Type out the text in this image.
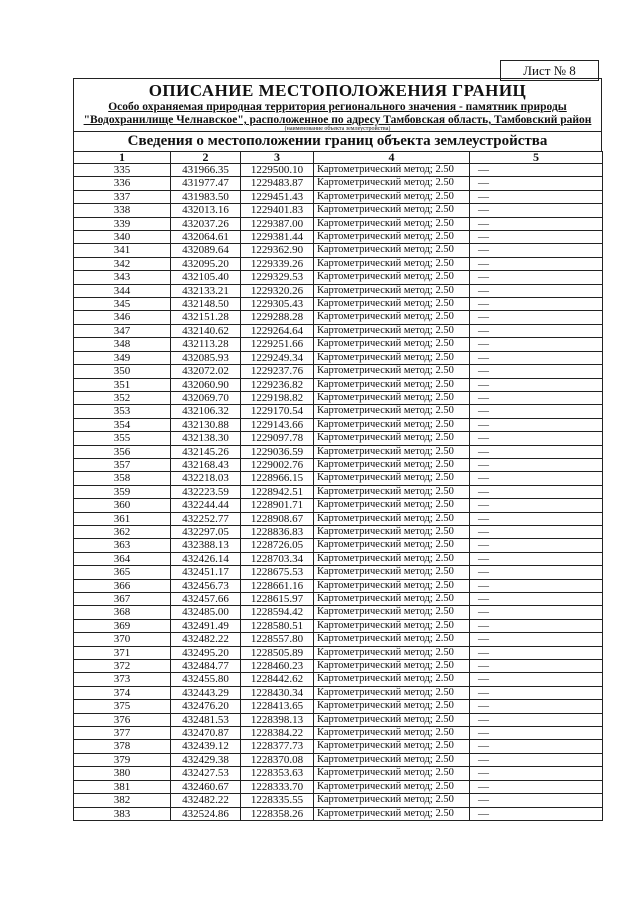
Лист № 8
ОПИСАНИЕ МЕСТОПОЛОЖЕНИЯ ГРАНИЦ
Особо охраняемая природная территория регионального значения - памятник природы
"Водохранилище Челнавское", расположенное по адресу Тамбовская область, Тамбовский район
(наименование объекта землеустройства)
Сведения о местоположении границ объекта землеустройства
1	2	3	4	5
335	431966.35	1229500.10	Картометрический метод; 2.50	—
336	431977.47	1229483.87	Картометрический метод; 2.50	—
337	431983.50	1229451.43	Картометрический метод; 2.50	—
338	432013.16	1229401.83	Картометрический метод; 2.50	—
339	432037.26	1229387.00	Картометрический метод; 2.50	—
340	432064.61	1229381.44	Картометрический метод; 2.50	—
341	432089.64	1229362.90	Картометрический метод; 2.50	—
342	432095.20	1229339.26	Картометрический метод; 2.50	—
343	432105.40	1229329.53	Картометрический метод; 2.50	—
344	432133.21	1229320.26	Картометрический метод; 2.50	—
345	432148.50	1229305.43	Картометрический метод; 2.50	—
346	432151.28	1229288.28	Картометрический метод; 2.50	—
347	432140.62	1229264.64	Картометрический метод; 2.50	—
348	432113.28	1229251.66	Картометрический метод; 2.50	—
349	432085.93	1229249.34	Картометрический метод; 2.50	—
350	432072.02	1229237.76	Картометрический метод; 2.50	—
351	432060.90	1229236.82	Картометрический метод; 2.50	—
352	432069.70	1229198.82	Картометрический метод; 2.50	—
353	432106.32	1229170.54	Картометрический метод; 2.50	—
354	432130.88	1229143.66	Картометрический метод; 2.50	—
355	432138.30	1229097.78	Картометрический метод; 2.50	—
356	432145.26	1229036.59	Картометрический метод; 2.50	—
357	432168.43	1229002.76	Картометрический метод; 2.50	—
358	432218.03	1228966.15	Картометрический метод; 2.50	—
359	432223.59	1228942.51	Картометрический метод; 2.50	—
360	432244.44	1228901.71	Картометрический метод; 2.50	—
361	432252.77	1228908.67	Картометрический метод; 2.50	—
362	432297.05	1228836.83	Картометрический метод; 2.50	—
363	432388.13	1228726.05	Картометрический метод; 2.50	—
364	432426.14	1228703.34	Картометрический метод; 2.50	—
365	432451.17	1228675.53	Картометрический метод; 2.50	—
366	432456.73	1228661.16	Картометрический метод; 2.50	—
367	432457.66	1228615.97	Картометрический метод; 2.50	—
368	432485.00	1228594.42	Картометрический метод; 2.50	—
369	432491.49	1228580.51	Картометрический метод; 2.50	—
370	432482.22	1228557.80	Картометрический метод; 2.50	—
371	432495.20	1228505.89	Картометрический метод; 2.50	—
372	432484.77	1228460.23	Картометрический метод; 2.50	—
373	432455.80	1228442.62	Картометрический метод; 2.50	—
374	432443.29	1228430.34	Картометрический метод; 2.50	—
375	432476.20	1228413.65	Картометрический метод; 2.50	—
376	432481.53	1228398.13	Картометрический метод; 2.50	—
377	432470.87	1228384.22	Картометрический метод; 2.50	—
378	432439.12	1228377.73	Картометрический метод; 2.50	—
379	432429.38	1228370.08	Картометрический метод; 2.50	—
380	432427.53	1228353.63	Картометрический метод; 2.50	—
381	432460.67	1228333.70	Картометрический метод; 2.50	—
382	432482.22	1228335.55	Картометрический метод; 2.50	—
383	432524.86	1228358.26	Картометрический метод; 2.50	—
